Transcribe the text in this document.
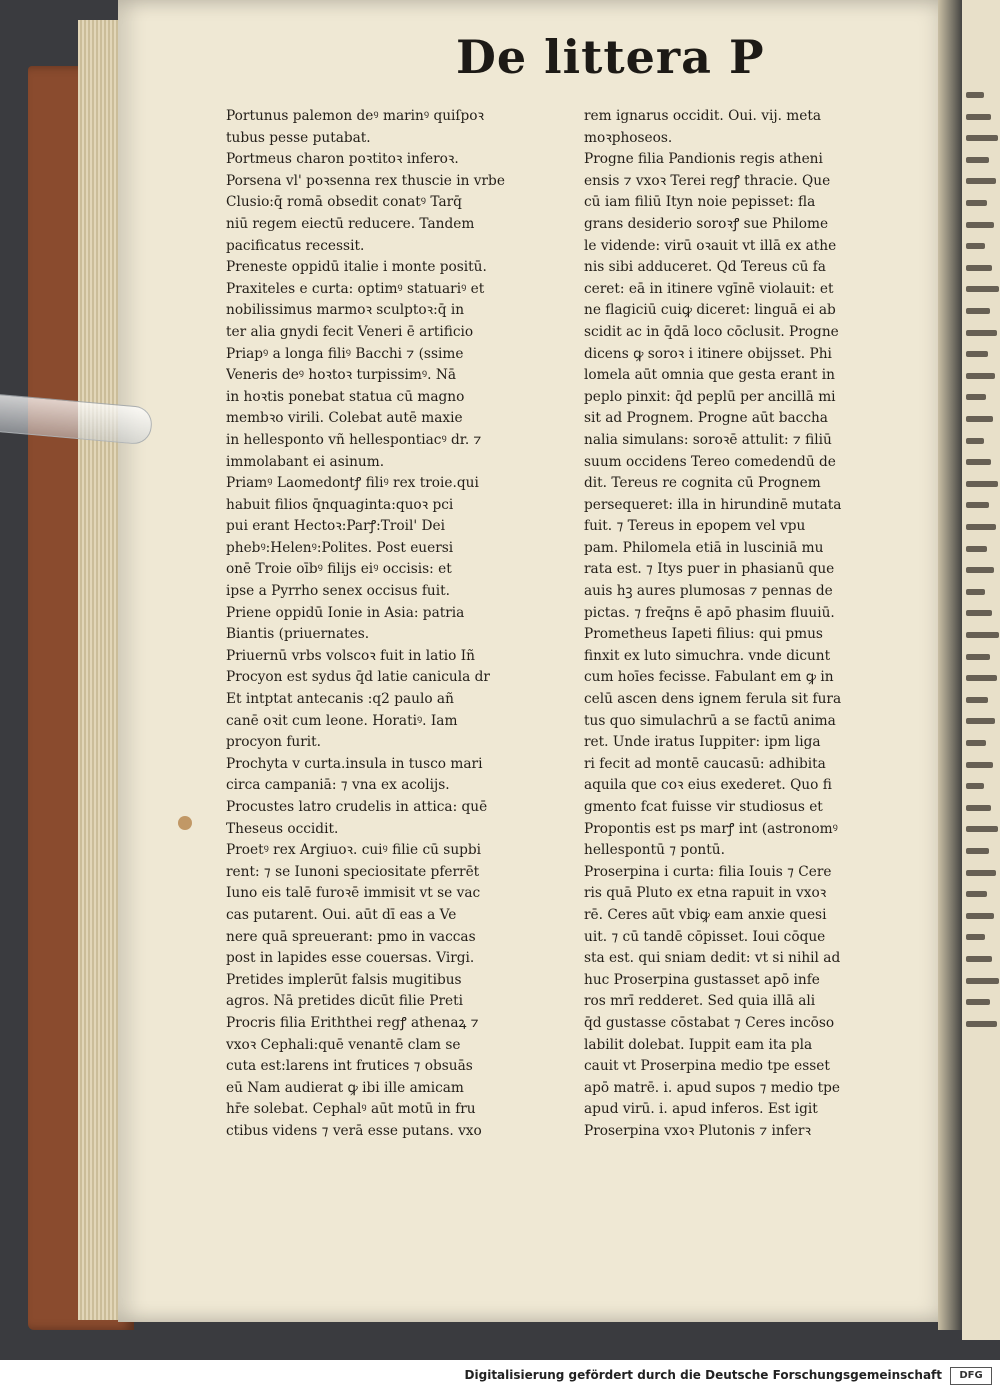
De littera P
Portunus palemon deꝰ marinꝰ quiſpoꝛ
tubus pesse putabat.
Portmeus charon poꝛtitoꝛ inferoꝛ.
Porsena vl' poꝛsenna rex thuscie in vrbe
Clusio:q̄ romā obsedit conatꝰ Tarq̄
niū regem eiectū reducere. Tandem
pacificatus recessit.
Preneste oppidū italie i monte positū.
Praxiteles e curta: optimꝰ statuariꝰ et
nobilissimus marmoꝛ sculptoꝛ:q̄ in
ter alia gnydi fecit Veneri ē artificio
Priapꝰ a longa filiꝰ Bacchi ⁊ (ssime
Veneris deꝰ hoꝛtoꝛ turpissimꝰ. Nā
in hoꝛtis ponebat statua cū magno
membꝛo virili. Colebat autē maxie
in hellesponto vñ hellespontiacꝰ dr. ⁊
immolabant ei asinum.
Priamꝰ Laomedontꝭ filiꝰ rex troie.qui
habuit filios q̄nquaginta:quoꝛ pci
pui erant Hectoꝛ:Parꝭ:Troil' Dei
phebꝰ:Helenꝰ:Polites. Post euersi
onē Troie oībꝰ filijs eiꝰ occisis: et
ipse a Pyrrho senex occisus fuit.
Priene oppidū Ionie in Asia: patria
Biantis (priuernates.
Priuernū vrbs volscoꝛ fuit in latio Iñ
Procyon est sydus q̄d latie canicula dr
Et intptat antecanis :q2 paulo añ
canē oꝛit cum leone. Horatiꝰ. Iam
procyon furit.
Prochyta v curta.insula in tusco mari
circa campaniā: ⁊ vna ex acolijs.
Procustes latro crudelis in attica: quē
Theseus occidit.
Proetꝰ rex Argiuoꝛ. cuiꝰ filie cū supbi
rent: ⁊ se Iunoni speciositate pferrēt
Iuno eis talē furoꝛē immisit vt se vac
cas putarent. Oui. aūt dī eas a Ve
nere quā spreuerant: pmo in vaccas
post in lapides esse couersas. Virgi.
Pretides implerūt falsis mugitibus
agros. Nā pretides dicūt filie Preti
Procris filia Eriththei regꝭ athenaꝝ ⁊
vxoꝛ Cephali:quē venantē clam se
cuta est:larens int frutices ⁊ obsuās
eū Nam audierat ꝙ ibi ille amicam
hr̄e solebat. Cephalꝰ aūt motū in fru
ctibus videns ⁊ verā esse putans. vxo
rem ignarus occidit. Oui. vij. meta
moꝛphoseos.
Progne filia Pandionis regis atheni
ensis ⁊ vxoꝛ Terei regꝭ thracie. Que
cū iam filiū Ityn noie pepisset: fla
grans desiderio soroꝛꝭ sue Philome
le vidende: virū oꝛauit vt illā ex athe
nis sibi adduceret. Qd Tereus cū fa
ceret: eā in itinere vgīnē violauit: et
ne flagiciū cuiꝙ diceret: linguā ei ab
scidit ac in q̄dā loco cōclusit. Progne
dicens ꝙ soroꝛ i itinere obijsset. Phi
lomela aūt omnia que gesta erant in
peplo pinxit: q̄d peplū per ancillā mi
sit ad Prognem. Progne aūt baccha
nalia simulans: soroꝛē attulit: ⁊ filiū
suum occidens Tereo comedendū de
dit. Tereus re cognita cū Prognem
persequeret: illa in hirundinē mutata
fuit. ⁊ Tereus in epopem vel vpu
pam. Philomela etiā in lusciniā mu
rata est. ⁊ Itys puer in phasianū que
auis hꝫ aures plumosas ⁊ pennas de
pictas. ⁊ freq̄ns ē apō phasim fluuiū.
Prometheus Iapeti filius: qui pmus
finxit ex luto simuchra. vnde dicunt
cum hoīes fecisse. Fabulant em ꝙ in
celū ascen dens ignem ferula sit fura
tus quo simulachrū a se factū anima
ret. Unde iratus Iuppiter: ipm liga
ri fecit ad montē caucasū: adhibita
aquila que coꝛ eius exederet. Quo fi
gmento fcat fuisse vir studiosus et
Propontis est ps marꝭ int (astronomꝰ
hellespontū ⁊ pontū.
Proserpina i curta: filia Iouis ⁊ Cere
ris quā Pluto ex etna rapuit in vxoꝛ
rē. Ceres aūt vbiꝙ eam anxie quesi
uit. ⁊ cū tandē cōpisset. Ioui cōque
sta est. qui sniam dedit: vt si nihil ad
huc Proserpina gustasset apō infe
ros mrī redderet. Sed quia illā ali
q̄d gustasse cōstabat ⁊ Ceres incōso
labilit dolebat. Iuppit eam ita pla
cauit vt Proserpina medio tpe esset
apō matrē. i. apud supos ⁊ medio tpe
apud virū. i. apud inferos. Est igit
Proserpina vxoꝛ Plutonis ⁊ inferꝛ
Digitalisierung gefördert durch die Deutsche Forschungsgemeinschaft	DFG
